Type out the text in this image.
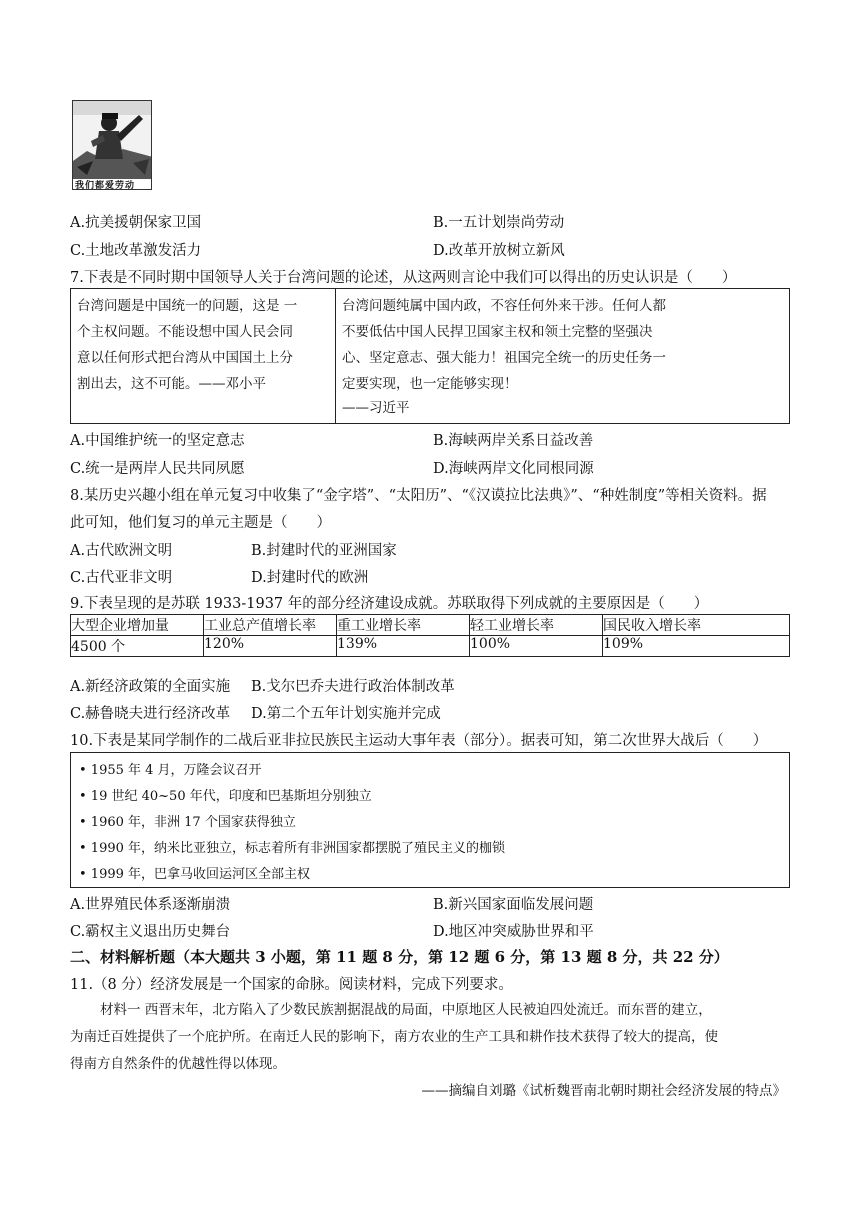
我们都爱劳动
A.抗美援朝保家卫国	B.一五计划崇尚劳动
C.土地改革激发活力	D.改革开放树立新风
7.下表是不同时期中国领导人关于台湾问题的论述，从这两则言论中我们可以得出的历史认识是（　　）
台湾问题是中国统一的问题，这是 一
个主权问题。不能设想中国人民会同
意以任何形式把台湾从中国国土上分
割出去，这不可能。——邓小平

台湾问题纯属中国内政，不容任何外来干涉。任何人都
不要低估中国人民捍卫国家主权和领土完整的坚强决
心、坚定意志、强大能力！祖国完全统一的历史任务一
定要实现，也一定能够实现！
——习近平
A.中国维护统一的坚定意志	B.海峡两岸关系日益改善
C.统一是两岸人民共同夙愿	D.海峡两岸文化同根同源
8.某历史兴趣小组在单元复习中收集了“金字塔”、“太阳历”、“《汉谟拉比法典》”、“种姓制度”等相关资料。据
此可知，他们复习的单元主题是（　　）
A.古代欧洲文明	B.封建时代的亚洲国家
C.古代亚非文明	D.封建时代的欧洲
9.下表呈现的是苏联 1933-1937 年的部分经济建设成就。苏联取得下列成就的主要原因是（　　）
大型企业增加量	工业总产值增长率	重工业增长率	轻工业增长率	国民收入增长率
4500 个	120%	139%	100%	109%
A.新经济政策的全面实施 B.戈尔巴乔夫进行政治体制改革
C.赫鲁晓夫进行经济改革 D.第二个五年计划实施并完成
10.下表是某同学制作的二战后亚非拉民族民主运动大事年表（部分）。据表可知，第二次世界大战后（　　）
• 1955 年 4 月，万隆会议召开
• 19 世纪 40~50 年代，印度和巴基斯坦分别独立
• 1960 年，非洲 17 个国家获得独立
• 1990 年，纳米比亚独立，标志着所有非洲国家都摆脱了殖民主义的枷锁
• 1999 年，巴拿马收回运河区全部主权
A.世界殖民体系逐渐崩溃	B.新兴国家面临发展问题
C.霸权主义退出历史舞台	D.地区冲突威胁世界和平
二、材料解析题（本大题共 3 小题，第 11 题 8 分，第 12 题 6 分，第 13 题 8 分，共 22 分）
11.（8 分）经济发展是一个国家的命脉。阅读材料，完成下列要求。
材料一 西晋末年，北方陷入了少数民族割据混战的局面，中原地区人民被迫四处流迁。而东晋的建立，
为南迁百姓提供了一个庇护所。在南迁人民的影响下，南方农业的生产工具和耕作技术获得了较大的提高，使
得南方自然条件的优越性得以体现。
——摘编自刘璐《试析魏晋南北朝时期社会经济发展的特点》
